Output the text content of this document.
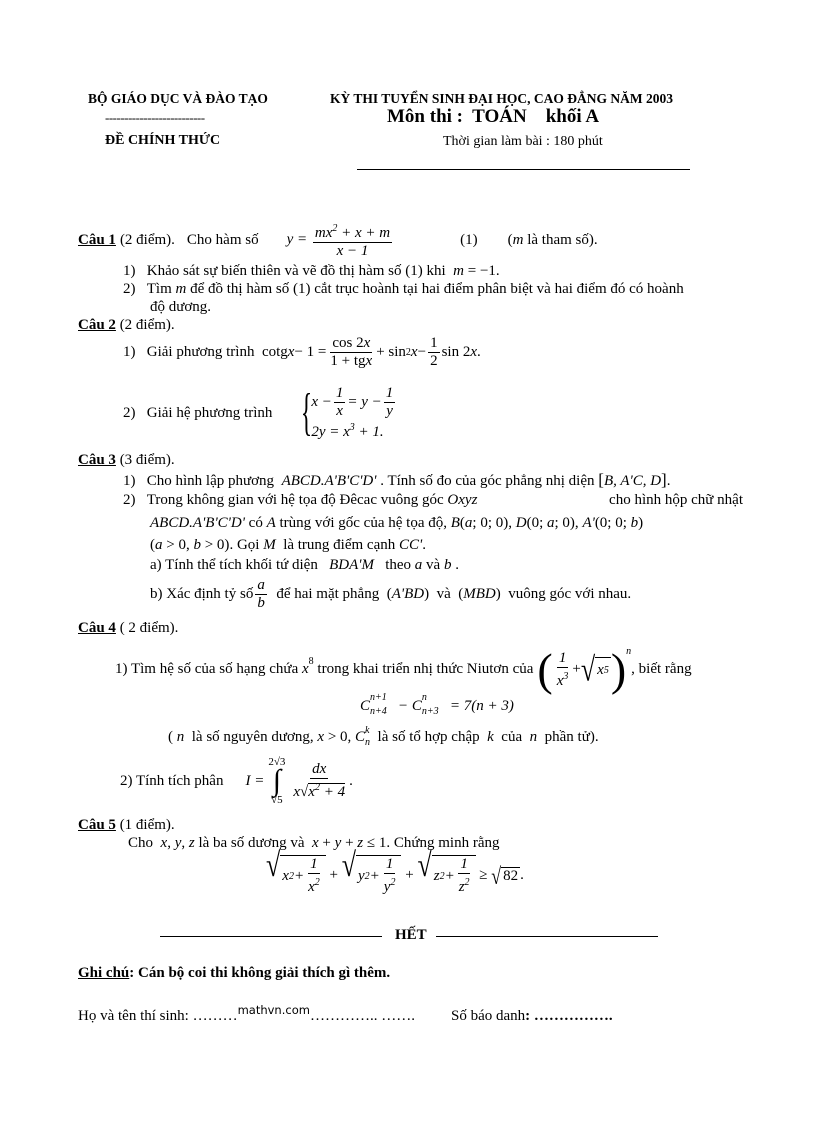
BỘ GIÁO DỤC VÀ ĐÀO TẠO
--------------------------
ĐỀ CHÍNH THỨC
KỲ THI TUYỂN SINH ĐẠI HỌC, CAO ĐẲNG NĂM 2003
Môn thi :  TOÁN    khối A
Thời gian làm bài : 180 phút
Câu 1 (2 điểm). Cho hàm số $y = \frac{mx^2 + x + m}{x - 1}$	(1) (m là tham số).
1)   Khảo sát sự biến thiên và vẽ đồ thị hàm số (1) khi m = −1.
2)   Tìm m để đồ thị hàm số (1) cắt trục hoành tại hai điểm phân biệt và hai điểm đó có hoành
độ dương.
Câu 2 (2 điểm).
1) Giải phương trình cotg $x - 1 = \frac{\cos 2x}{\text{1 + tgx}} + \sin 2$ $x - \frac{1}{2}$ sin 2 x .
2) Giải hệ phương trình {
$x - \frac{1}{x} = y - \frac{1}{y}$
$2y = x^3 + 1$.
Câu 3 (3 điểm).
1)   Cho hình lập phương ABCD.A'B'C'D' . Tính số đo của góc phẳng nhị diện [B, A'C, D].
2)   Trong không gian với hệ tọa độ Đêcac vuông góc Oxyz	cho hình hộp chữ nhật
ABCD.A'B'C'D' có A trùng với gốc của hệ tọa độ, B(a; 0; 0), D(0; a; 0), A'(0; 0; b)
(a > 0, b > 0). Gọi M là trung điểm cạnh CC'.
a) Tính thể tích khối tứ diện BDA'M theo a và b .
b) Xác định tỷ số $\frac{a}{b}$
để hai mặt phẳng ( A'BD ) và ( MBD ) vuông góc với nhau.
Câu 4 ( 2 điểm).
1) Tìm hệ số của số hạng chứa
$x^8$
trong khai triển nhị thức Niutơn của ( $\frac{1}{x^3}$ + √ x 5 )$^n$
, biết rằng
C
$_{n+1 n+4}$   − C
$_{n n+3}$   = 7(n + 3)
( n là số nguyên dương, x > 0, C $_{k n}$ là số tổ hợp chập k của n phần tử).
2) Tính tích phân I =
2√3
∫
$√5 \frac{dx}{x√x^2 + 4}$ .
Câu 5 (1 điểm).
Cho x, y, z là ba số dương và x + y + z ≤ 1. Chứng minh rằng
√ x $2 + \frac{1}{x^2}$ + √ y $2 + \frac{1}{y^2}$ + √ z $2 + \frac{1}{z^2}$ ≥ √ 82 .
HẾT
Ghi chú: Cán bộ coi thi không giải thích gì thêm.
Họ và tên thí sinh: ………$^{mathvn.com}$………….. ……. Số báo danh: …………….
